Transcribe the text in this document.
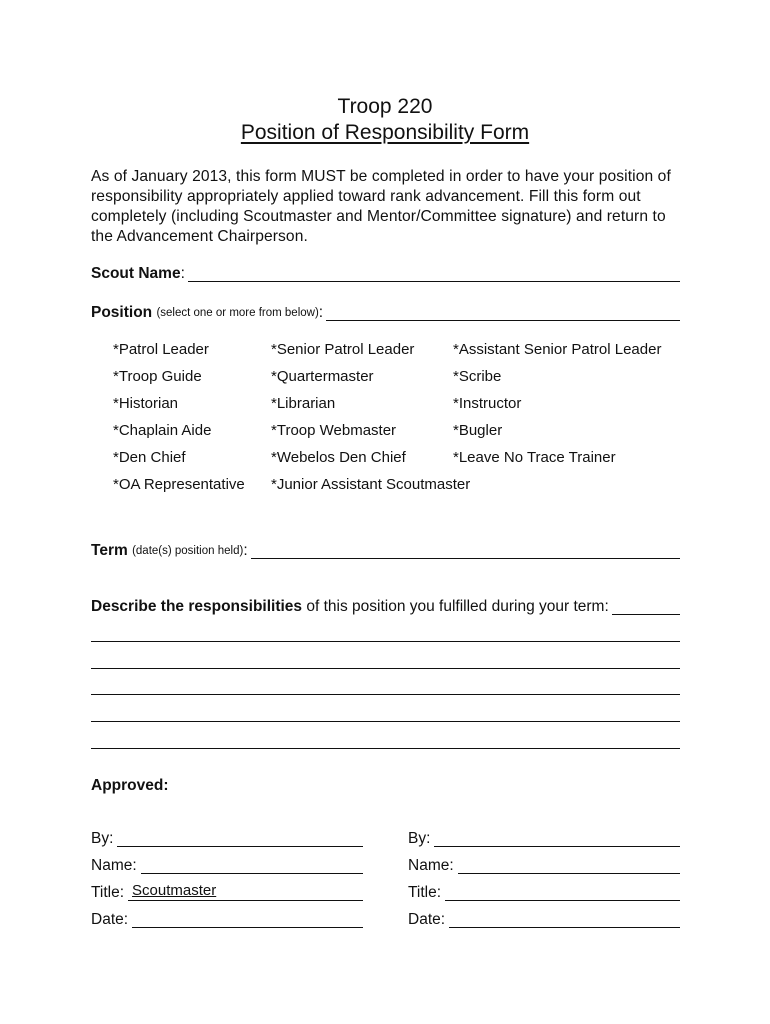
Troop 220
Position of Responsibility Form

As of January 2013, this form MUST be completed in order to have your position of responsibility appropriately applied toward rank advancement. Fill this form out completely (including Scoutmaster and Mentor/Committee signature) and return to the Advancement Chairperson.

Scout Name :
Position
(select one or more from below) :
*Patrol Leader	*Senior Patrol Leader	*Assistant Senior Patrol Leader
*Troop Guide	*Quartermaster	*Scribe
*Historian	*Librarian	*Instructor
*Chaplain Aide	*Troop Webmaster	*Bugler
*Den Chief	*Webelos Den Chief	*Leave No Trace Trainer
*OA Representative	*Junior Assistant Scoutmaster
Term
(date(s) position held) :
Describe the responsibilities of this position you fulfilled during your term:
Approved:
By:
Name:
Title: Scoutmaster
Date:
By:
Name:
Title:
Date:
